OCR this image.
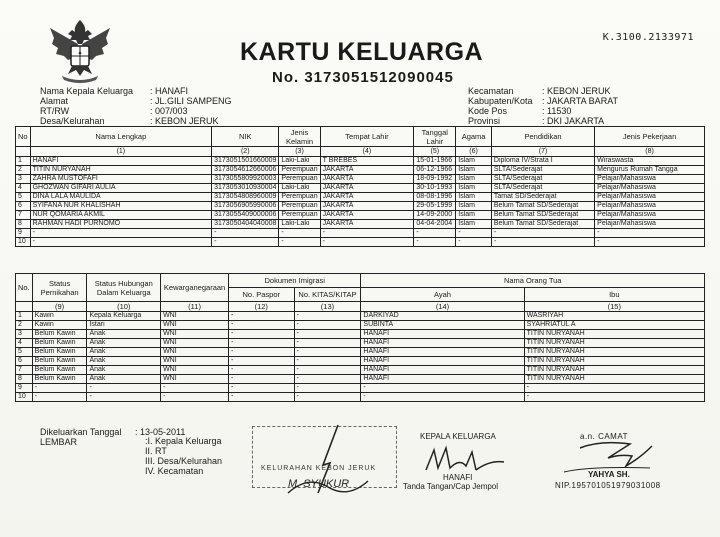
K.3100.2133971
KARTU KELUARGA
No. 3173051512090045
Nama Kepala Keluarga	: HANAFI
Alamat	: JL.GILI SAMPENG
RT/RW	: 007/003
Desa/Kelurahan	: KEBON JERUK
Kecamatan	: KEBON JERUK
Kabupaten/Kota	: JAKARTA BARAT
Kode Pos	: 11530
Provinsi	: DKI JAKARTA
No	Nama Lengkap	NIK	Jenis Kelamin	Tempat Lahir	Tanggal Lahir	Agama	Pendidikan	Jenis Pekerjaan
	(1)	(2)	(3)	(4)	(5)	(6)	(7)	(8)
1	HANAFI	3173051501660009	Laki-Laki	T BREBES	15-01-1966	Islam	Diploma IV/Strata I	Wiraswasta
2	TITIN NURYANAH	3173054612660006	Perempuan	JAKARTA	06-12-1966	Islam	SLTA/Sederajat	Mengurus Rumah Tangga
3	ZAHRA MUSTOFAFI	3173055809920003	Perempuan	JAKARTA	18-09-1992	Islam	SLTA/Sederajat	Pelajar/Mahasiswa
4	GHOZWAN GIFARI AULIA	3173053010930004	Laki-Laki	JAKARTA	30-10-1993	Islam	SLTA/Sederajat	Pelajar/Mahasiswa
5	DINA LALA MAULIDA	3173054808960009	Perempuan	JAKARTA	08-08-1996	Islam	Tamat SD/Sederajat	Pelajar/Mahasiswa
6	SYIFANA NUR KHALISHAH	3173056905990006	Perempuan	JAKARTA	29-05-1999	Islam	Belum Tamat SD/Sederajat	Pelajar/Mahasiswa
7	NUR QOMARIA AKMIL	3173055409000006	Perempuan	JAKARTA	14-09-2000	Islam	Belum Tamat SD/Sederajat	Pelajar/Mahasiswa
8	RAHMAN HADI PURNOMO	3173050404040008	Laki-Laki	JAKARTA	04-04-2004	Islam	Belum Tamat SD/Sederajat	Pelajar/Mahasiswa
9	-	-	-	-	-	-	-	-
10	-	-	-	-	-	-	-	-
No.	Status Pernikahan	Status Hubungan Dalam Keluarga	Kewarganegaraan	Dokumen Imigrasi		Nama Orang Tua	
				No. Paspor	No. KITAS/KITAP	Ayah	Ibu
	(9)	(10)	(11)	(12)	(13)	(14)	(15)
1	Kawin	Kepala Keluarga	WNI	-	-	DARKIYAD	WASRIYAH
2	Kawin	Istari	WNI	-	-	SUBINTA	SYAHRIATUL A
3	Belum Kawin	Anak	WNI	-	-	HANAFI	TITIN NURYANAH
4	Belum Kawin	Anak	WNI	-	-	HANAFI	TITIN NURYANAH
5	Belum Kawin	Anak	WNI	-	-	HANAFI	TITIN NURYANAH
6	Belum Kawin	Anak	WNI	-	-	HANAFI	TITIN NURYANAH
7	Belum Kawin	Anak	WNI	-	-	HANAFI	TITIN NURYANAH
8	Belum Kawin	Anak	WNI	-	-	HANAFI	TITIN NURYANAH
9	-	-	-	-	-	-	-
10	-	-	-	-	-	-	-
Dikeluarkan Tanggal : 13-05-2011
LEMBAR	:I. Kepala Keluarga
II. RT
III. Desa/Kelurahan
IV. Kecamatan	KELURAHAN KEBON JERUK
M. SYUKUR
KEPALA KELUARGA
HANAFI
Tanda Tangan/Cap Jempol
a.n. CAMAT
YAHYA SH.
NIP.195701051979031008
